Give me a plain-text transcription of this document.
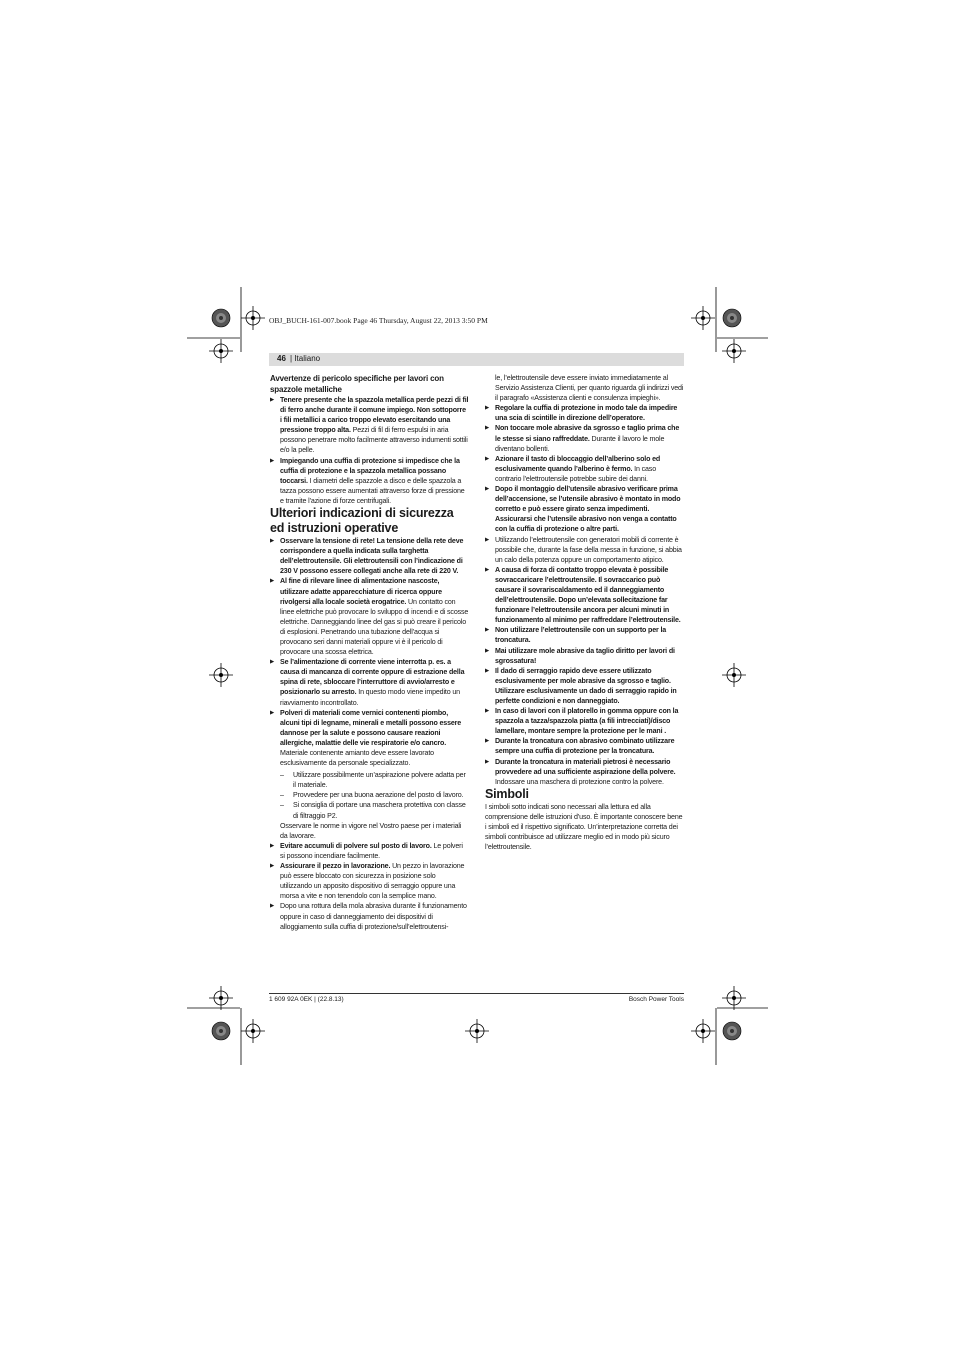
OBJ_BUCH-161-007.book Page 46 Thursday, August 22, 2013 3:50 PM
46 | Italiano

Avvertenze di pericolo specifiche per lavori con spazzole metalliche

▶ Tenere presente che la spazzola metallica perde pezzi di fil di ferro anche durante il comune impiego. Non sottoporre i fili metallici a carico troppo elevato esercitando una pressione troppo alta. Pezzi di fil di ferro espulsi in aria possono penetrare molto facilmente attraverso indumenti sottili e/o la pelle.

▶ Impiegando una cuffia di protezione si impedisce che la cuffia di protezione e la spazzola metallica possano toccarsi. I diametri delle spazzole a disco e delle spazzola a tazza possono essere aumentati attraverso forze di pressione e tramite l’azione di forze centrifugali.

Ulteriori indicazioni di sicurezza ed istruzioni operative

▶ Osservare la tensione di rete! La tensione della rete deve corrispondere a quella indicata sulla targhetta dell’elettroutensile. Gli elettroutensili con l’indicazione di 230 V possono essere collegati anche alla rete di 220 V.

▶ Al fine di rilevare linee di alimentazione nascoste, utilizzare adatte apparecchiature di ricerca oppure rivolgersi alla locale società erogatrice. Un contatto con linee elettriche può provocare lo sviluppo di incendi e di scosse elettriche. Danneggiando linee del gas si può creare il pericolo di esplosioni. Penetrando una tubazione dell’acqua si provocano seri danni materiali oppure vi è il pericolo di provocare una scossa elettrica.

▶ Se l’alimentazione di corrente viene interrotta p. es. a causa di mancanza di corrente oppure di estrazione della spina di rete, sbloccare l’interruttore di avvio/arresto e posizionarlo su arresto. In questo modo viene impedito un riavviamento incontrollato.

▶ Polveri di materiali come vernici contenenti piombo, alcuni tipi di legname, minerali e metalli possono essere dannose per la salute e possono causare reazioni allergiche, malattie delle vie respiratorie e/o cancro. Materiale contenente amianto deve essere lavorato esclusivamente da personale specializzato.

– Utilizzare possibilmente un’aspirazione polvere adatta per il materiale.

– Provvedere per una buona aerazione del posto di lavoro.

– Si consiglia di portare una maschera protettiva con classe di filtraggio P2.

Osservare le norme in vigore nel Vostro paese per i materiali da lavorare.

▶ Evitare accumuli di polvere sul posto di lavoro. Le polveri si possono incendiare facilmente.

▶ Assicurare il pezzo in lavorazione. Un pezzo in lavorazione può essere bloccato con sicurezza in posizione solo utilizzando un apposito dispositivo di serraggio oppure una morsa a vite e non tenendolo con la semplice mano.

▶ Dopo una rottura della mola abrasiva durante il funzionamento oppure in caso di danneggiamento dei dispositivi di alloggiamento sulla cuffia di protezione/sull’elettroutensi-

le, l’elettroutensile deve essere inviato immediatamente al Servizio Assistenza Clienti, per quanto riguarda gli indirizzi vedi il paragrafo «Assistenza clienti e consulenza impieghi».

▶ Regolare la cuffia di protezione in modo tale da impedire una scia di scintille in direzione dell’operatore.

▶ Non toccare mole abrasive da sgrosso e taglio prima che le stesse si siano raffreddate. Durante il lavoro le mole diventano bollenti.

▶ Azionare il tasto di bloccaggio dell’alberino solo ed esclusivamente quando l’alberino è fermo. In caso contrario l’elettroutensile potrebbe subire dei danni.

▶ Dopo il montaggio dell’utensile abrasivo verificare prima dell’accensione, se l’utensile abrasivo è montato in modo corretto e può essere girato senza impedimenti. Assicurarsi che l’utensile abrasivo non venga a contatto con la cuffia di protezione o altre parti.

▶ Utilizzando l’elettroutensile con generatori mobili di corrente è possibile che, durante la fase della messa in funzione, si abbia un calo della potenza oppure un comportamento atipico.

▶ A causa di forza di contatto troppo elevata è possibile sovraccaricare l’elettroutensile. Il sovraccarico può causare il sovrariscaldamento ed il danneggiamento dell’elettroutensile. Dopo un’elevata sollecitazione far funzionare l’elettroutensile ancora per alcuni minuti in funzionamento al minimo per raffreddare l’elettroutensile.

▶ Non utilizzare l’elettroutensile con un supporto per la troncatura.

▶ Mai utilizzare mole abrasive da taglio diritto per lavori di sgrossatura!

▶ Il dado di serraggio rapido deve essere utilizzato esclusivamente per mole abrasive da sgrosso e taglio. Utilizzare esclusivamente un dado di serraggio rapido in perfette condizioni e non danneggiato.

▶ In caso di lavori con il platorello in gomma oppure con la spazzola a tazza/spazzola piatta (a fili intrecciati)/disco lamellare, montare sempre la protezione per le mani .

▶ Durante la troncatura con abrasivo combinato utilizzare sempre una cuffia di protezione per la troncatura.

▶ Durante la troncatura in materiali pietrosi è necessario provvedere ad una sufficiente aspirazione della polvere. Indossare una maschera di protezione contro la polvere.

Simboli

I simboli sotto indicati sono necessari alla lettura ed alla comprensione delle istruzioni d’uso. È importante conoscere bene i simboli ed il rispettivo significato. Un’interpretazione corretta dei simboli contribuisce ad utilizzare meglio ed in modo più sicuro l’elettroutensile.

1 609 92A 0EK | (22.8.13)	Bosch Power Tools
